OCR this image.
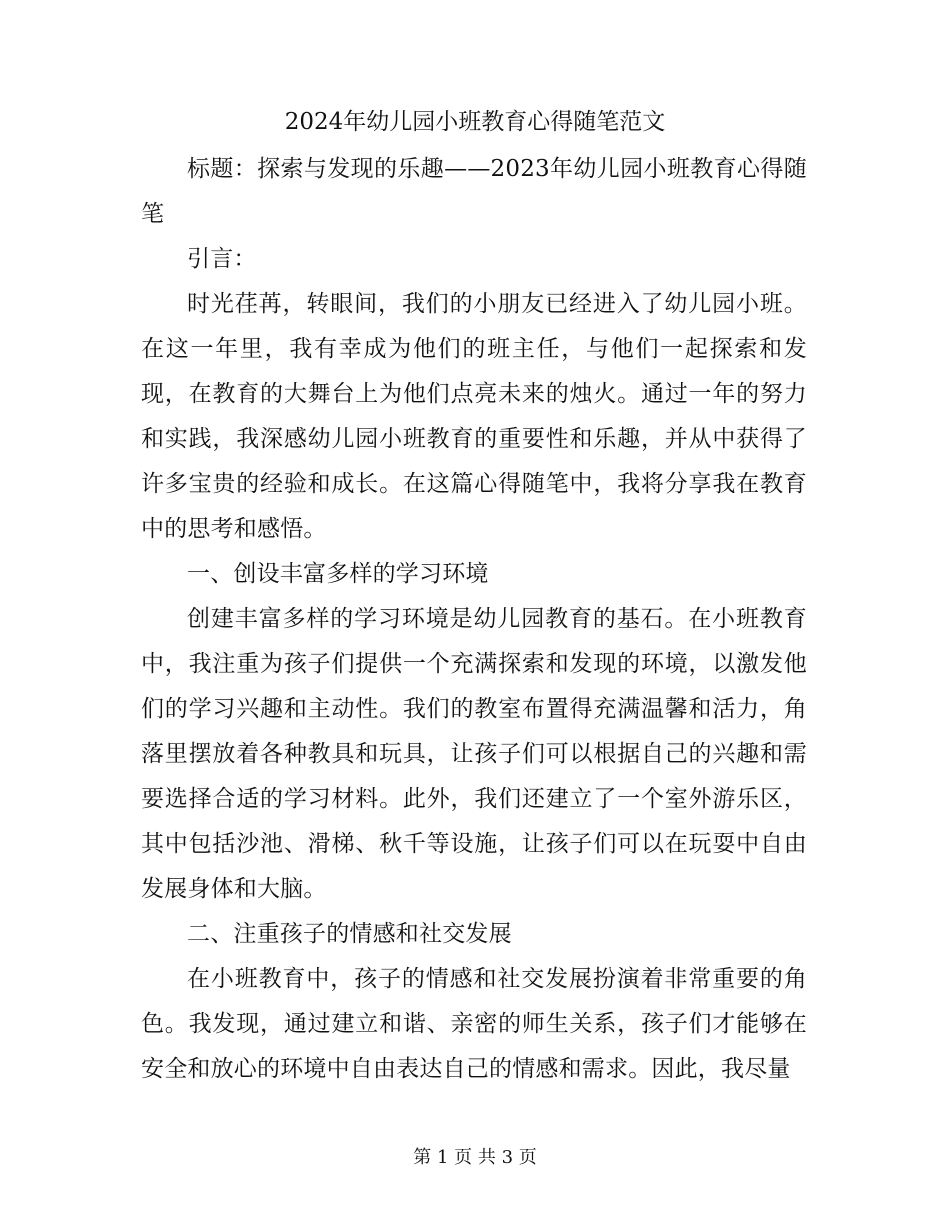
2024年幼儿园小班教育心得随笔范文

标题：探索与发现的乐趣——2023年幼儿园小班教育心得随笔

引言：

时光荏苒，转眼间，我们的小朋友已经进入了幼儿园小班。在这一年里，我有幸成为他们的班主任，与他们一起探索和发现，在教育的大舞台上为他们点亮未来的烛火。通过一年的努力和实践，我深感幼儿园小班教育的重要性和乐趣，并从中获得了许多宝贵的经验和成长。在这篇心得随笔中，我将分享我在教育中的思考和感悟。

一、创设丰富多样的学习环境

创建丰富多样的学习环境是幼儿园教育的基石。在小班教育中，我注重为孩子们提供一个充满探索和发现的环境，以激发他们的学习兴趣和主动性。我们的教室布置得充满温馨和活力，角落里摆放着各种教具和玩具，让孩子们可以根据自己的兴趣和需要选择合适的学习材料。此外，我们还建立了一个室外游乐区，其中包括沙池、滑梯、秋千等设施，让孩子们可以在玩耍中自由发展身体和大脑。

二、注重孩子的情感和社交发展

在小班教育中，孩子的情感和社交发展扮演着非常重要的角色。我发现，通过建立和谐、亲密的师生关系，孩子们才能够在安全和放心的环境中自由表达自己的情感和需求。因此，我尽量

第 1 页 共 3 页
